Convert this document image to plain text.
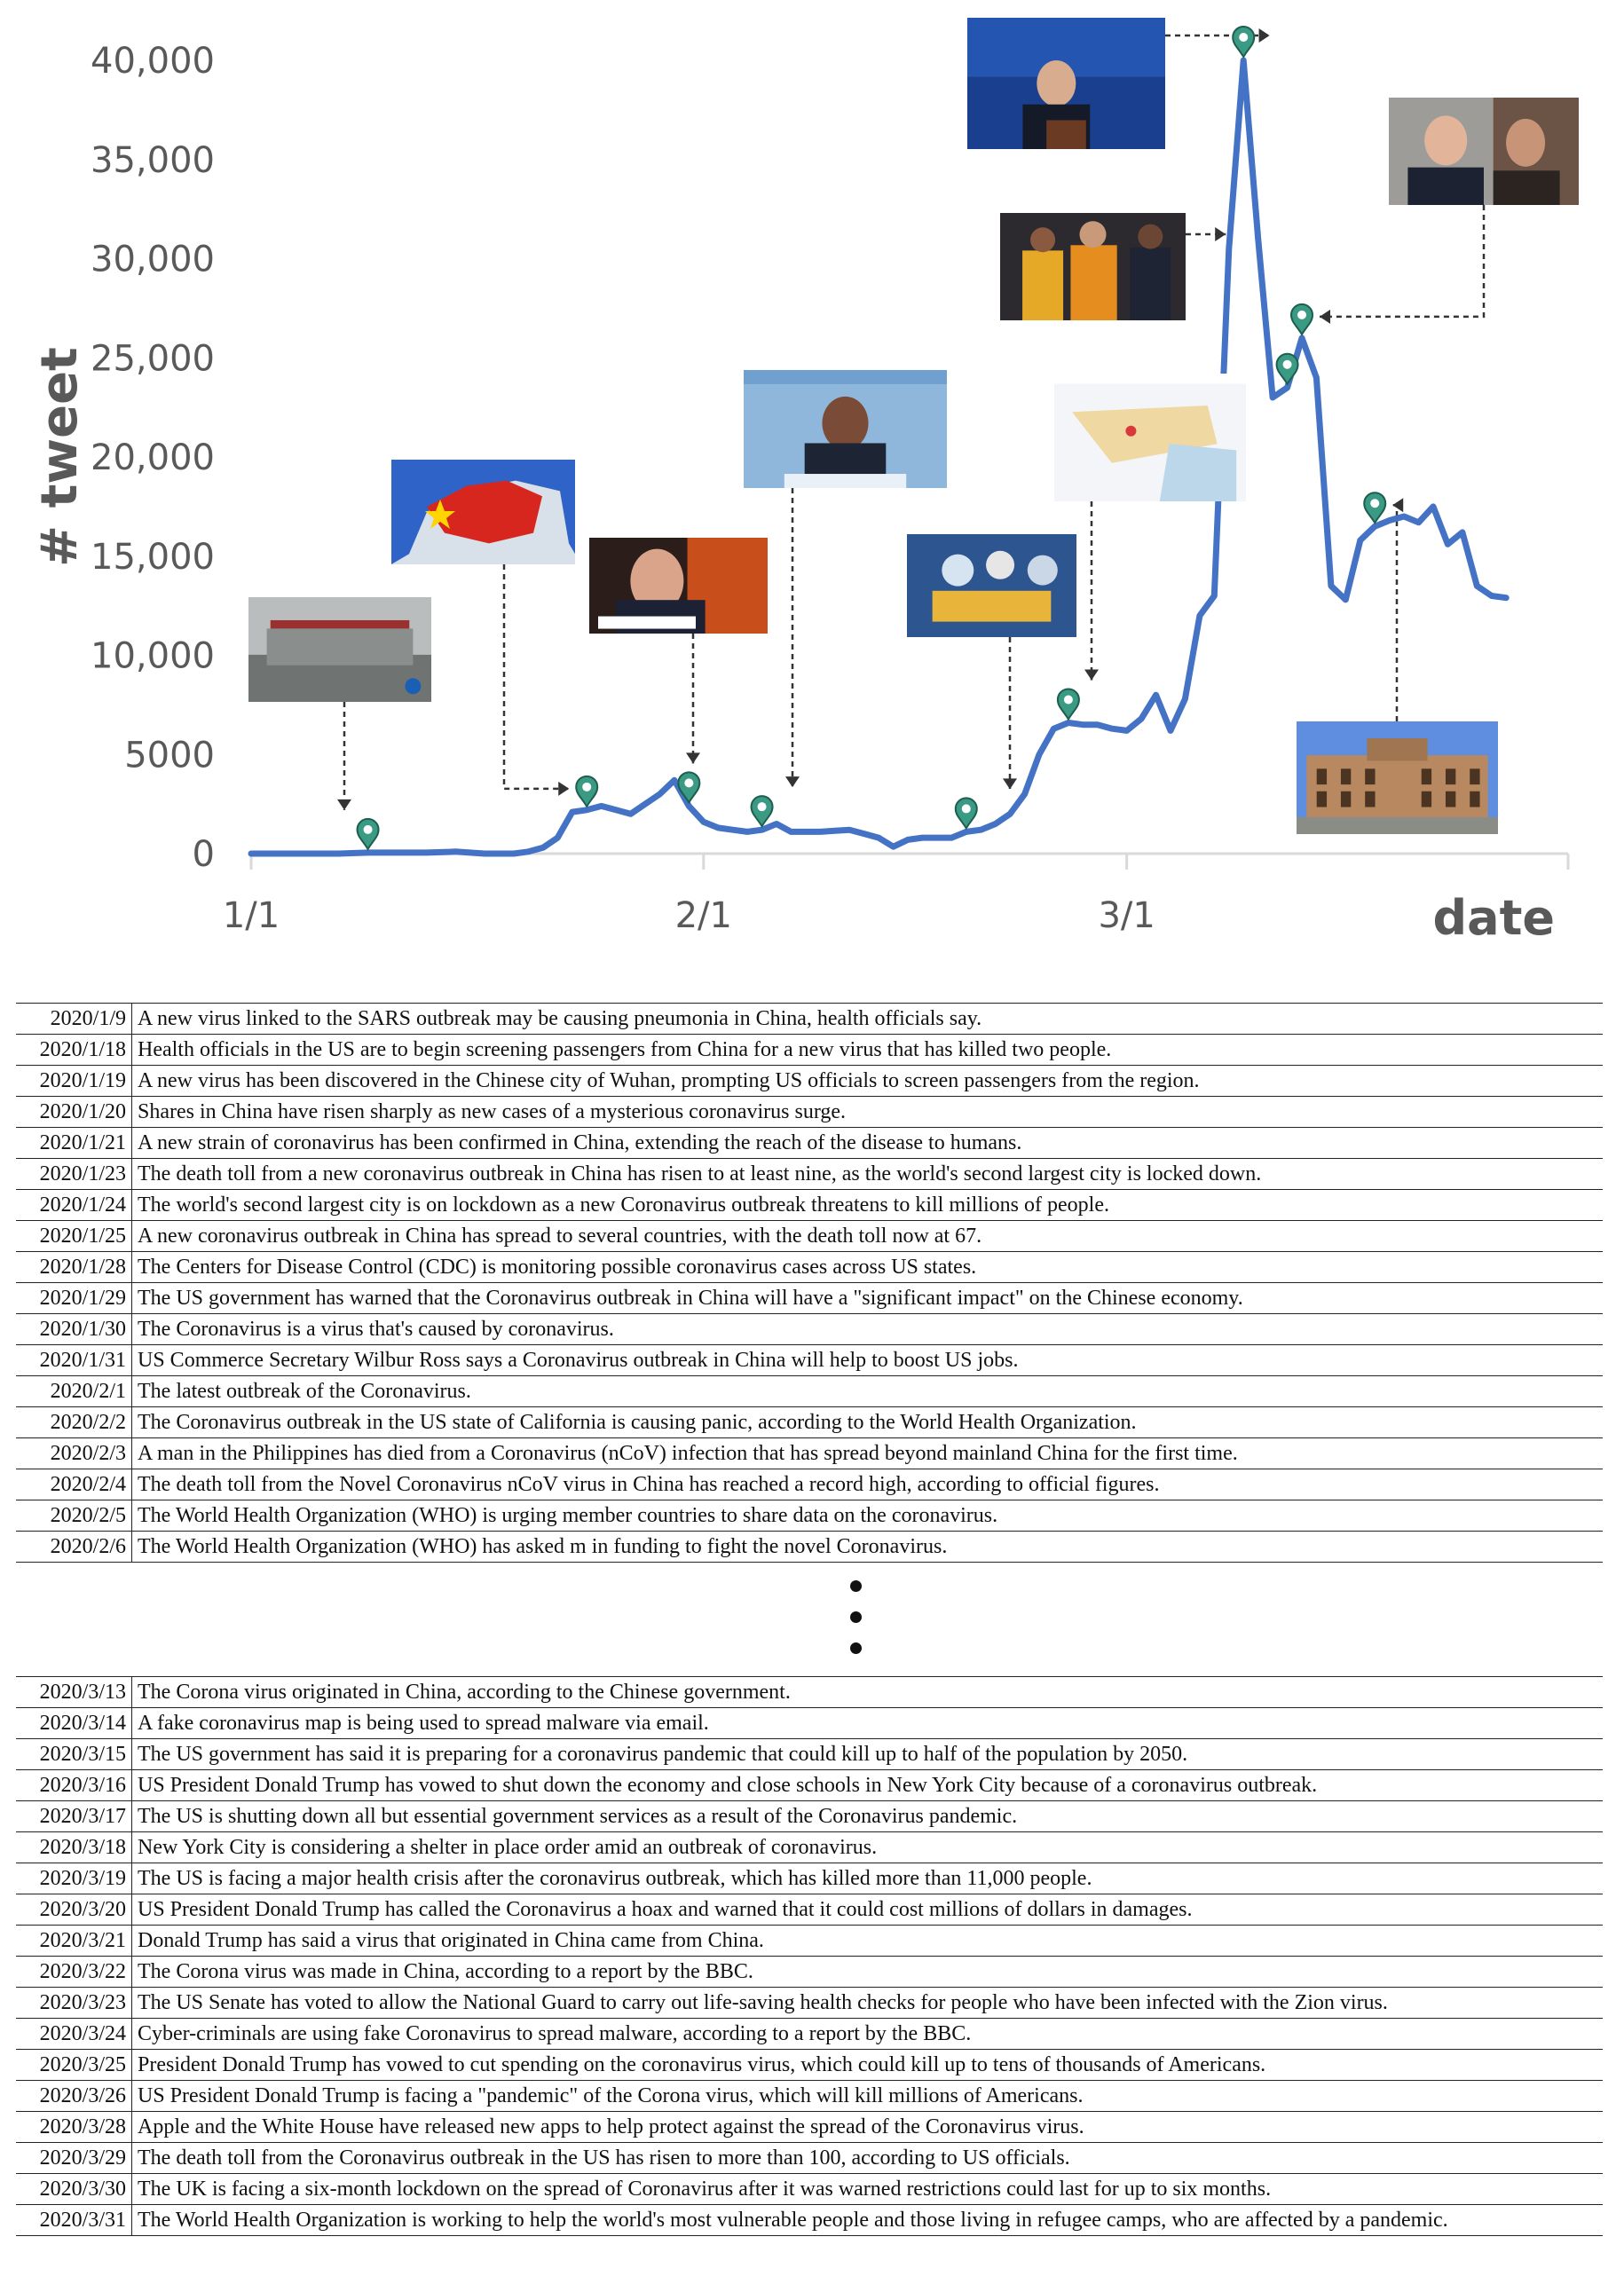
0
5000
10,000
15,000
20,000
25,000
30,000
35,000
40,000
1/1	2/1	3/1
# tweet
date
2020/1/9	A new virus linked to the SARS outbreak may be causing pneumonia in China, health officials say.
2020/1/18	Health officials in the US are to begin screening passengers from China for a new virus that has killed two people.
2020/1/19	A new virus has been discovered in the Chinese city of Wuhan, prompting US officials to screen passengers from the region.
2020/1/20	Shares in China have risen sharply as new cases of a mysterious coronavirus surge.
2020/1/21	A new strain of coronavirus has been confirmed in China, extending the reach of the disease to humans.
2020/1/23	The death toll from a new coronavirus outbreak in China has risen to at least nine, as the world's second largest city is locked down.
2020/1/24	The world's second largest city is on lockdown as a new Coronavirus outbreak threatens to kill millions of people.
2020/1/25	A new coronavirus outbreak in China has spread to several countries, with the death toll now at 67.
2020/1/28	The Centers for Disease Control (CDC) is monitoring possible coronavirus cases across US states.
2020/1/29	The US government has warned that the Coronavirus outbreak in China will have a "significant impact" on the Chinese economy.
2020/1/30	The Coronavirus is a virus that's caused by coronavirus.
2020/1/31	US Commerce Secretary Wilbur Ross says a Coronavirus outbreak in China will help to boost US jobs.
2020/2/1	The latest outbreak of the Coronavirus.
2020/2/2	The Coronavirus outbreak in the US state of California is causing panic, according to the World Health Organization.
2020/2/3	A man in the Philippines has died from a Coronavirus (nCoV) infection that has spread beyond mainland China for the first time.
2020/2/4	The death toll from the Novel Coronavirus nCoV virus in China has reached a record high, according to official figures.
2020/2/5	The World Health Organization (WHO) is urging member countries to share data on the coronavirus.
2020/2/6	The World Health Organization (WHO) has asked m in funding to fight the novel Coronavirus.

2020/3/13	The Corona virus originated in China, according to the Chinese government.
2020/3/14	A fake coronavirus map is being used to spread malware via email.
2020/3/15	The US government has said it is preparing for a coronavirus pandemic that could kill up to half of the population by 2050.
2020/3/16	US President Donald Trump has vowed to shut down the economy and close schools in New York City because of a coronavirus outbreak.
2020/3/17	The US is shutting down all but essential government services as a result of the Coronavirus pandemic.
2020/3/18	New York City is considering a shelter in place order amid an outbreak of coronavirus.
2020/3/19	The US is facing a major health crisis after the coronavirus outbreak, which has killed more than 11,000 people.
2020/3/20	US President Donald Trump has called the Coronavirus a hoax and warned that it could cost millions of dollars in damages.
2020/3/21	Donald Trump has said a virus that originated in China came from China.
2020/3/22	The Corona virus was made in China, according to a report by the BBC.
2020/3/23	The US Senate has voted to allow the National Guard to carry out life-saving health checks for people who have been infected with the Zion virus.
2020/3/24	Cyber-criminals are using fake Coronavirus to spread malware, according to a report by the BBC.
2020/3/25	President Donald Trump has vowed to cut spending on the coronavirus virus, which could kill up to tens of thousands of Americans.
2020/3/26	US President Donald Trump is facing a "pandemic" of the Corona virus, which will kill millions of Americans.
2020/3/28	Apple and the White House have released new apps to help protect against the spread of the Coronavirus virus.
2020/3/29	The death toll from the Coronavirus outbreak in the US has risen to more than 100, according to US officials.
2020/3/30	The UK is facing a six-month lockdown on the spread of Coronavirus after it was warned restrictions could last for up to six months.
2020/3/31	The World Health Organization is working to help the world's most vulnerable people and those living in refugee camps, who are affected by a pandemic.
